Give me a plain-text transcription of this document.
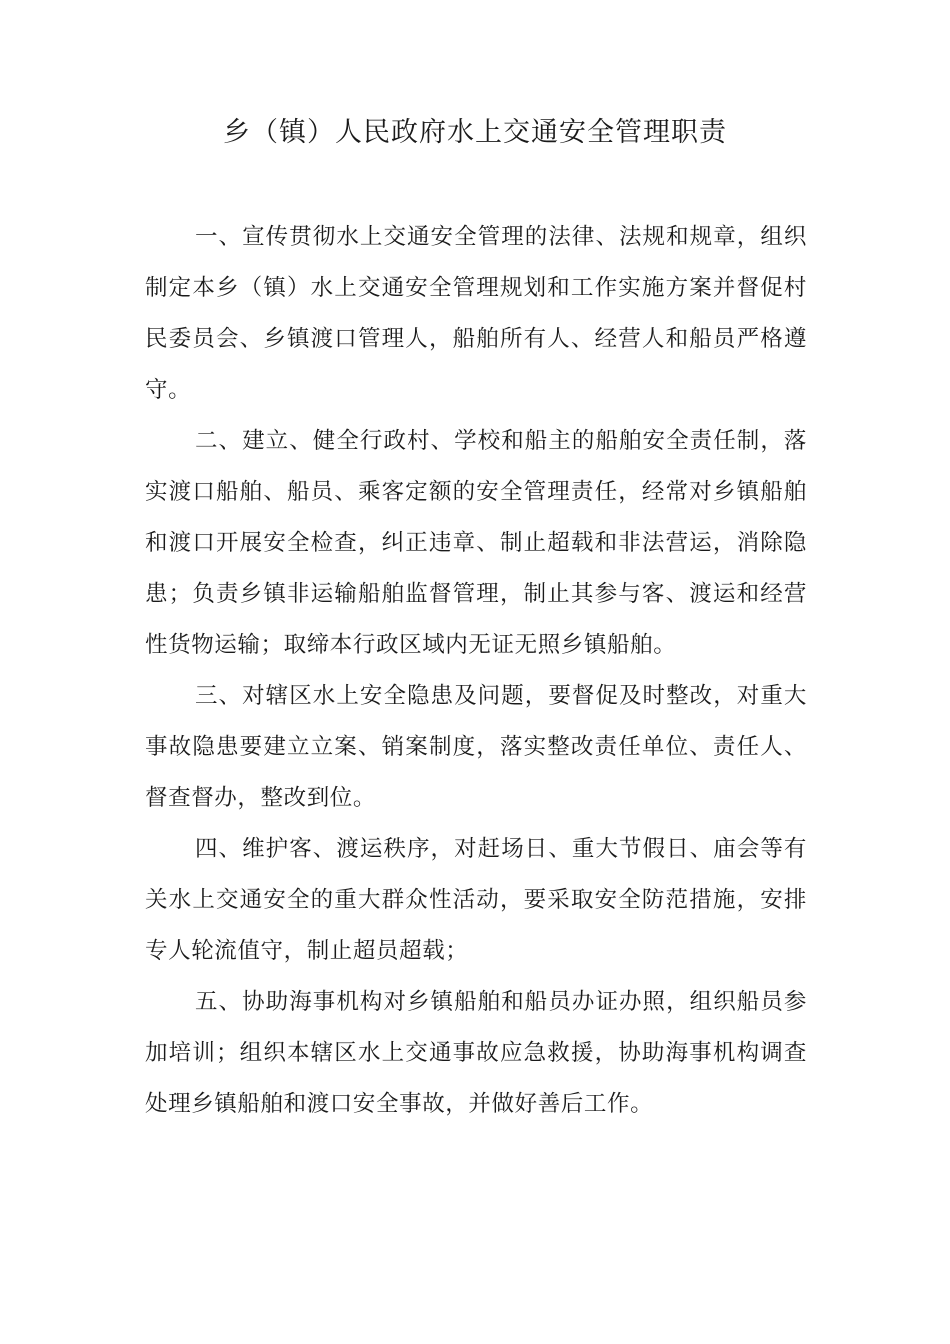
乡（镇）人民政府水上交通安全管理职责

一、宣传贯彻水上交通安全管理的法律、法规和规章，组织制定本乡（镇）水上交通安全管理规划和工作实施方案并督促村民委员会、乡镇渡口管理人，船舶所有人、经营人和船员严格遵守。

二、建立、健全行政村、学校和船主的船舶安全责任制，落实渡口船舶、船员、乘客定额的安全管理责任，经常对乡镇船舶和渡口开展安全检查，纠正违章、制止超载和非法营运，消除隐患；负责乡镇非运输船舶监督管理，制止其参与客、渡运和经营性货物运输；取缔本行政区域内无证无照乡镇船舶。

三、对辖区水上安全隐患及问题，要督促及时整改，对重大事故隐患要建立立案、销案制度，落实整改责任单位、责任人、督查督办，整改到位。

四、维护客、渡运秩序，对赶场日、重大节假日、庙会等有关水上交通安全的重大群众性活动，要采取安全防范措施，安排专人轮流值守，制止超员超载；

五、协助海事机构对乡镇船舶和船员办证办照，组织船员参加培训；组织本辖区水上交通事故应急救援，协助海事机构调查处理乡镇船舶和渡口安全事故，并做好善后工作。
